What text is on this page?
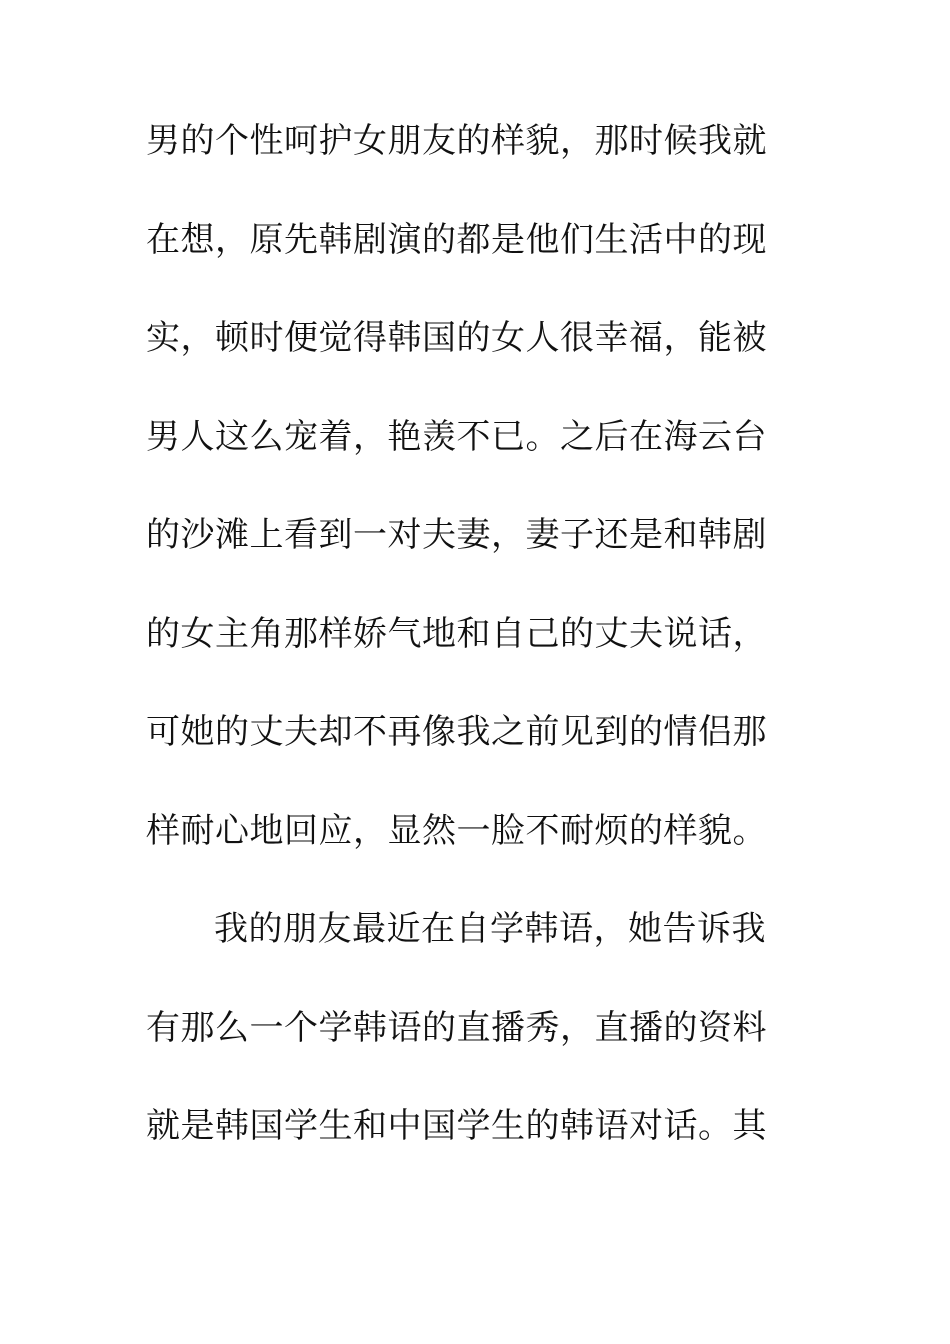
男的个性呵护女朋友的样貌，那时候我就
在想，原先韩剧演的都是他们生活中的现
实，顿时便觉得韩国的女人很幸福，能被
男人这么宠着，艳羡不已。之后在海云台
的沙滩上看到一对夫妻，妻子还是和韩剧
的女主角那样娇气地和自己的丈夫说话，
可她的丈夫却不再像我之前见到的情侣那
样耐心地回应，显然一脸不耐烦的样貌。
我的朋友最近在自学韩语，她告诉我
有那么一个学韩语的直播秀，直播的资料
就是韩国学生和中国学生的韩语对话。其
